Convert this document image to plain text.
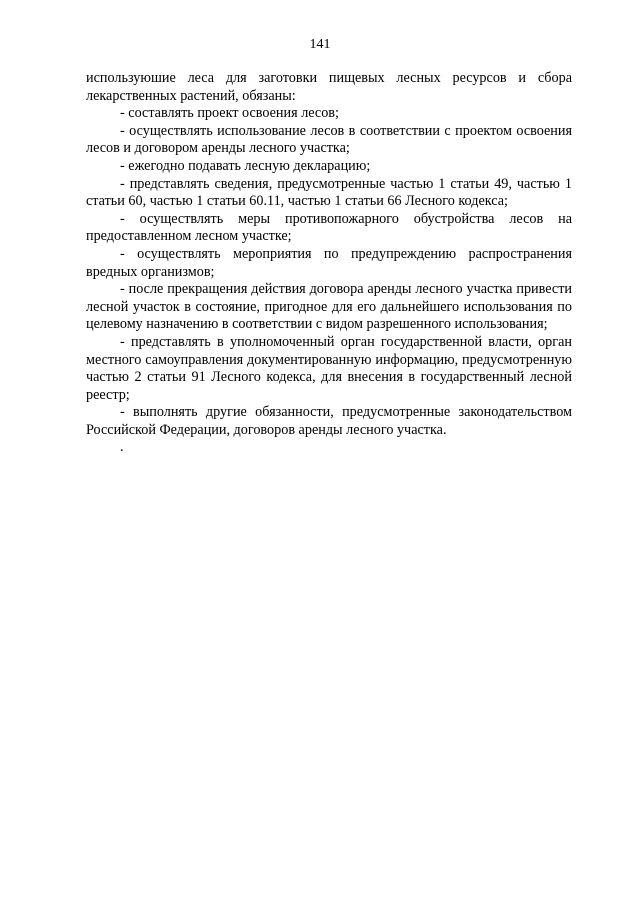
141

используюшие леса для заготовки пищевых лесных ресурсов и сбора лекарственных растений, обязаны:

- составлять проект освоения лесов;

- осуществлять использование лесов в соответствии с проектом освоения лесов и договором аренды лесного участка;

- ежегодно подавать лесную декларацию;

- представлять сведения, предусмотренные частью 1 статьи 49, частью 1 статьи 60, частью 1 статьи 60.11, частью 1 статьи 66 Лесного кодекса;

- осуществлять меры противопожарного обустройства лесов на предоставленном лесном участке;

- осуществлять мероприятия по предупреждению распространения вредных организмов;

- после прекращения действия договора аренды лесного участка привести лесной участок в состояние, пригодное для его дальнейшего использования по целевому назначению в соответствии с видом разрешенного использования;

- представлять в уполномоченный орган государственной власти, орган местного самоуправления документированную информацию, предусмотренную частью 2 статьи 91 Лесного кодекса, для внесения в государственный лесной реестр;

- выполнять другие обязанности, предусмотренные законодательством Российской Федерации, договоров аренды лесного участка.

.
